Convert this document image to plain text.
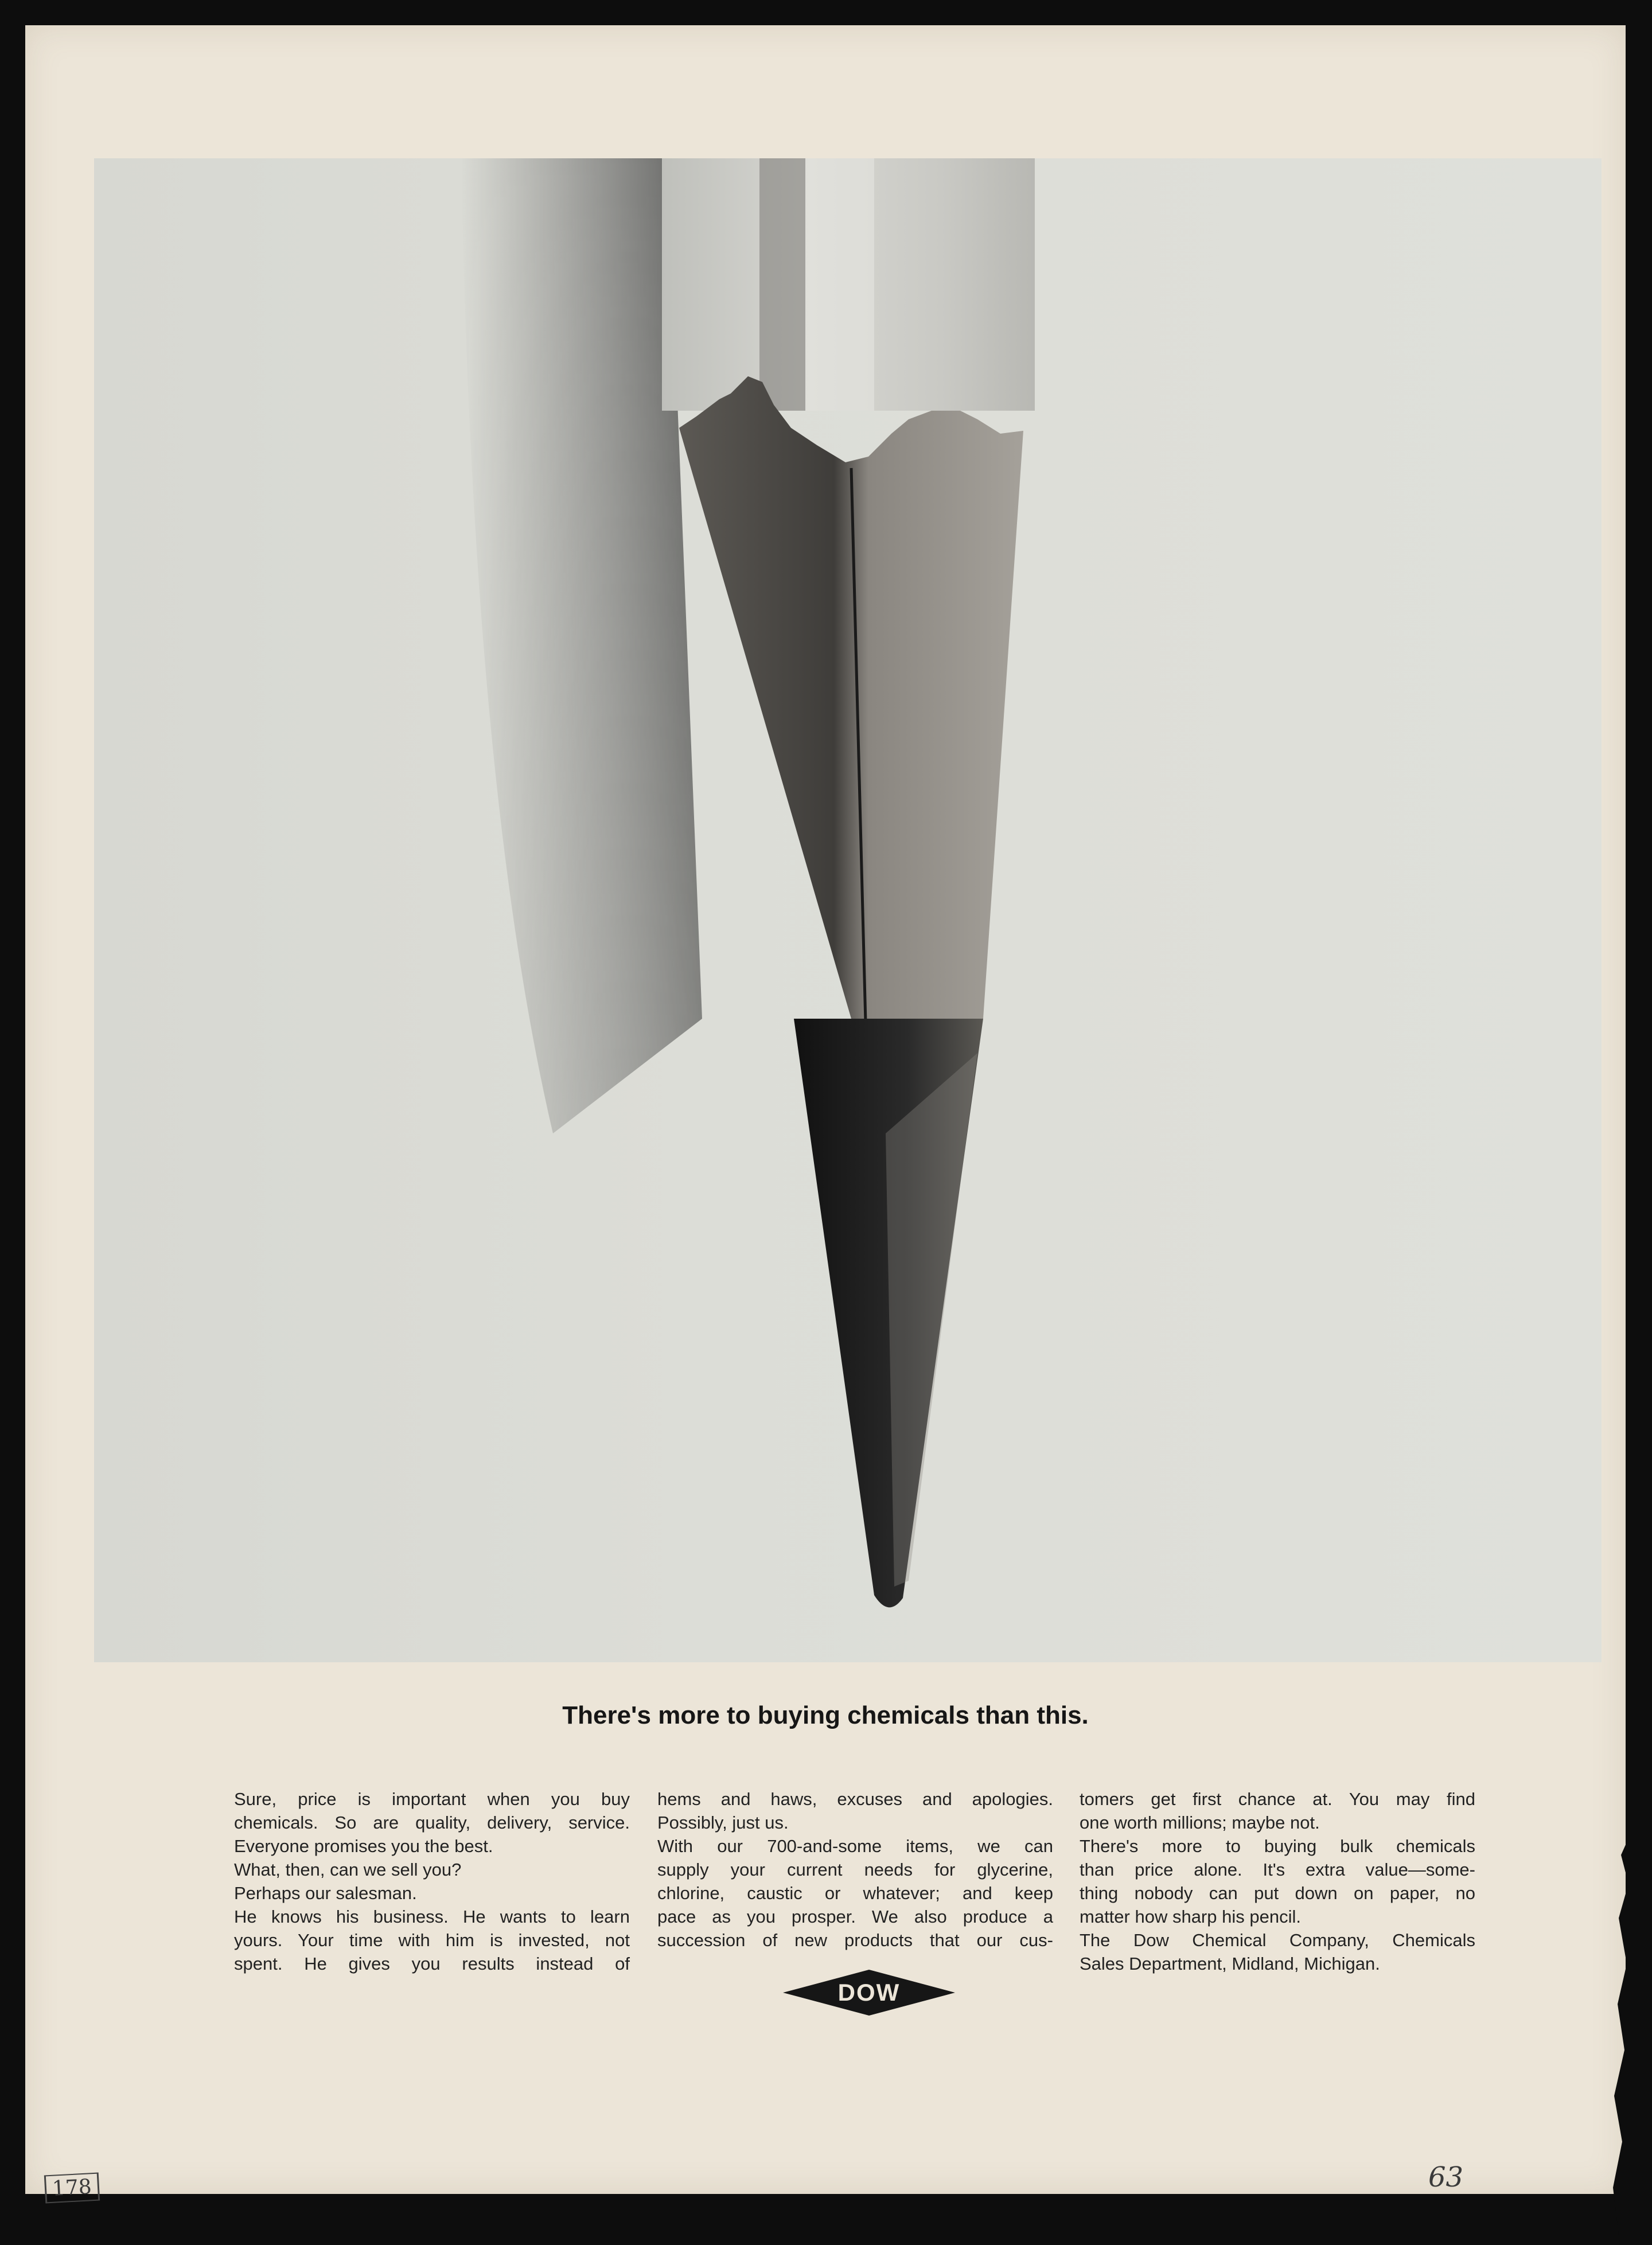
There's more to buying chemicals than this.

Sure, price is important when you buy

chemicals. So are quality, delivery, service.

Everyone promises you the best.

What, then, can we sell you?

Perhaps our salesman.

He knows his business. He wants to learn

yours. Your time with him is invested, not

spent. He gives you results instead of

hems and haws, excuses and apologies.

Possibly, just us.

With our 700-and-some items, we can

supply your current needs for glycerine,

chlorine, caustic or whatever; and keep

pace as you prosper. We also produce a

succession of new products that our cus-

tomers get first chance at. You may find

one worth millions; maybe not.

There's more to buying bulk chemicals

than price alone. It's extra value—some-

thing nobody can put down on paper, no

matter how sharp his pencil.

The Dow Chemical Company, Chemicals

Sales Department, Midland, Michigan.

DOW
178	63
